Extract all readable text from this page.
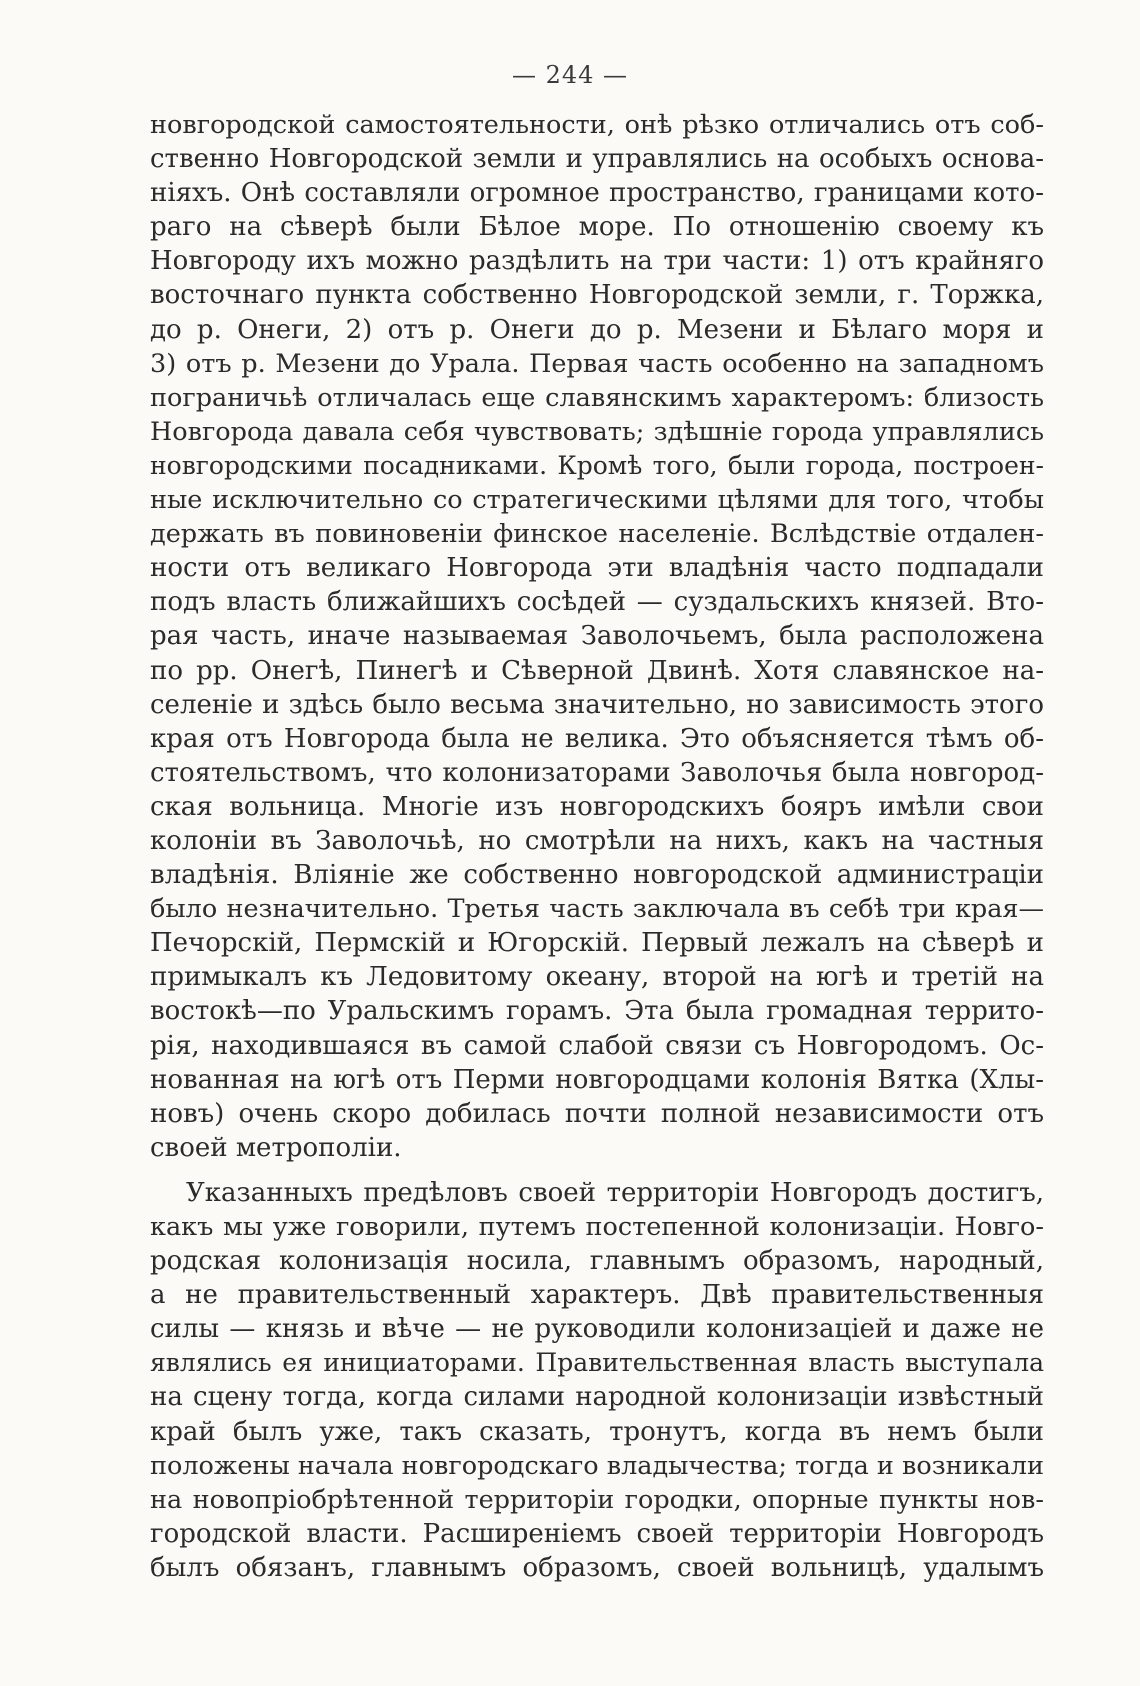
— 244 —
новгородской самостоятельности, онѣ рѣзко отличались отъ соб-
ственно Новгородской земли и управлялись на особыхъ основа-
ніяхъ. Онѣ составляли огромное пространство, границами кото-
раго на сѣверѣ были Бѣлое море. По отношенію своему къ
Новгороду ихъ можно раздѣлить на три части: 1) отъ крайняго
восточнаго пункта собственно Новгородской земли, г. Торжка,
до р. Онеги, 2) отъ р. Онеги до р. Мезени и Бѣлаго моря и
3) отъ р. Мезени до Урала. Первая часть особенно на западномъ
пограничьѣ отличалась еще славянскимъ характеромъ: близость
Новгорода давала себя чувствовать; здѣшніе города управлялись
новгородскими посадниками. Кромѣ того, были города, построен-
ные исключительно со стратегическими цѣлями для того, чтобы
держать въ повиновеніи финское населеніе. Вслѣдствіе отдален-
ности отъ великаго Новгорода эти владѣнія часто подпадали
подъ власть ближайшихъ сосѣдей — суздальскихъ князей. Вто-
рая часть, иначе называемая Заволочьемъ, была расположена
по рр. Онегѣ, Пинегѣ и Сѣверной Двинѣ. Хотя славянское на-
селеніе и здѣсь было весьма значительно, но зависимость этого
края отъ Новгорода была не велика. Это объясняется тѣмъ об-
стоятельствомъ, что колонизаторами Заволочья была новгород-
ская вольница. Многіе изъ новгородскихъ бояръ имѣли свои
колоніи въ Заволочьѣ, но смотрѣли на нихъ, какъ на частныя
владѣнія. Вліяніе же собственно новгородской администраціи
было незначительно. Третья часть заключала въ себѣ три края—
Печорскій, Пермскій и Югорскій. Первый лежалъ на сѣверѣ и
примыкалъ къ Ледовитому океану, второй на югѣ и третій на
востокѣ—по Уральскимъ горамъ. Эта была громадная террито-
рія, находившаяся въ самой слабой связи съ Новгородомъ. Ос-
нованная на югѣ отъ Перми новгородцами колонія Вятка (Хлы-
новъ) очень скоро добилась почти полной независимости отъ
своей метрополіи.
Указанныхъ предѣловъ своей территоріи Новгородъ достигъ,
какъ мы уже говорили, путемъ постепенной колонизаціи. Новго-
родская колонизація носила, главнымъ образомъ, народный,
а не правительственный характеръ. Двѣ правительственныя
силы — князь и вѣче — не руководили колонизаціей и даже не
являлись ея инициаторами. Правительственная власть выступала
на сцену тогда, когда силами народной колонизаціи извѣстный
край былъ уже, такъ сказать, тронутъ, когда въ немъ были
положены начала новгородскаго владычества; тогда и возникали
на новопріобрѣтенной территоріи городки, опорные пункты нов-
городской власти. Расширеніемъ своей территоріи Новгородъ
былъ обязанъ, главнымъ образомъ, своей вольницѣ, удалымъ
